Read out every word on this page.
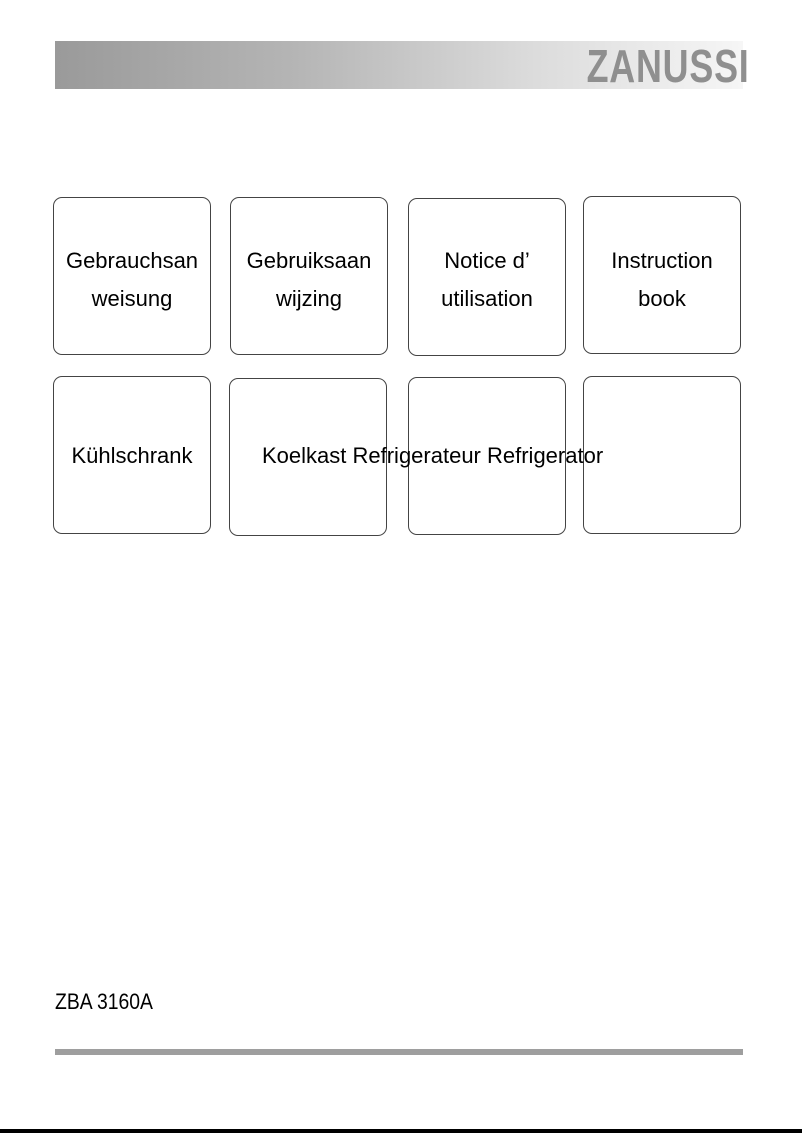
ZANUSSI
Gebrauchsan
weisung
Gebruiksaan
wijzing
Notice d’
utilisation
Instruction
book
Kühlschrank	Koelkast Refrigerateur Refrigerator
ZBA 3160A
